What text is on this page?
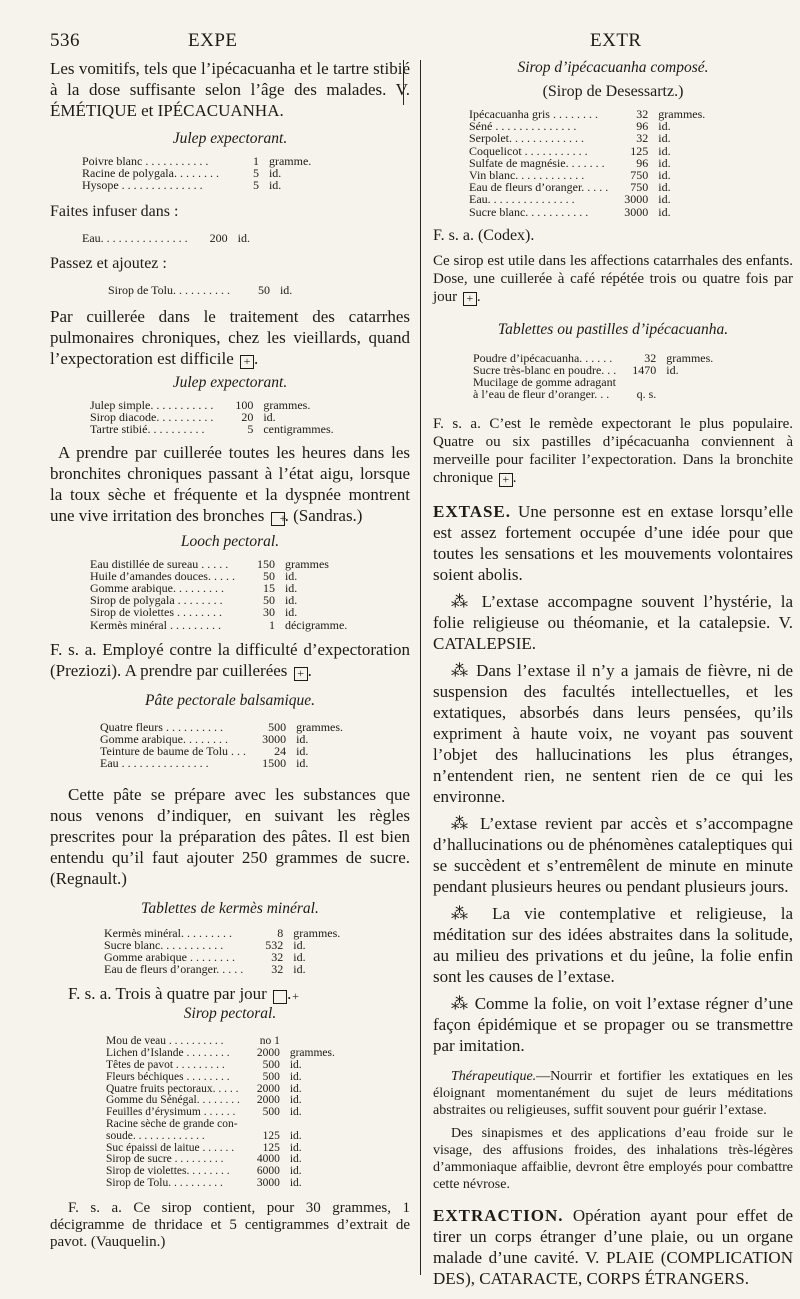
536	EXPE	EXTR

Les vomitifs, tels que l’ipécacuanha et le tartre stibié à la dose suffisante selon l’âge des malades. V. ÉMÉTIQUE et IPÉCACUANHA.

Julep expectorant.

Poivre blanc . . . . . . . . . . .	1	gramme.
Racine de polygala. . . . . . . .	5	id.
Hysope . . . . . . . . . . . . . .	5	id.

Faites infuser dans :

Eau. . . . . . . . . . . . . . .	200	id.

Passez et ajoutez :

Sirop de Tolu. . . . . . . . . .	50	id.

Par cuillerée dans le traitement des catarrhes pulmonaires chroniques, chez les vieillards, quand l’expectoration est difficile + .

Julep expectorant.

Julep simple. . . . . . . . . . .	100	grammes.
Sirop diacode. . . . . . . . . .	20	id.
Tartre stibié. . . . . . . . . .	5	centigrammes.

A prendre par cuillerée toutes les heures dans les bronchites chroniques passant à l’état aigu, lorsque la toux sèche et fréquente et la dyspnée montrent une vive irritation des bronches +. (Sandras.)

Looch pectoral.

Eau distillée de sureau . . . . .	150	grammes
Huile d’amandes douces. . . . .	50	id.
Gomme arabique. . . . . . . . .	15	id.
Sirop de polygala . . . . . . . .	50	id.
Sirop de violettes . . . . . . . .	30	id.
Kermès minéral . . . . . . . . .	1	décigramme.

F. s. a. Employé contre la difficulté d’expectoration (Preziozi). A prendre par cuillerées + .

Pâte pectorale balsamique.

Quatre fleurs . . . . . . . . . .	500	grammes.
Gomme arabique. . . . . . . .	3000	id.
Teinture de baume de Tolu . . .	24	id.
Eau . . . . . . . . . . . . . . .	1500	id.

Cette pâte se prépare avec les substances que nous venons d’indiquer, en suivant les règles prescrites pour la préparation des pâtes. Il est bien entendu qu’il faut ajouter 250 grammes de sucre. (Regnault.)

Tablettes de kermès minéral.

Kermès minéral. . . . . . . . .	8	grammes.
Sucre blanc. . . . . . . . . . .	532	id.
Gomme arabique . . . . . . . .	32	id.
Eau de fleurs d’oranger. . . . .	32	id.

F. s. a. Trois à quatre par jour +.

Sirop pectoral.

Mou de veau . . . . . . . . . .	no 1	
Lichen d’Islande . . . . . . . .	2000	grammes.
Têtes de pavot . . . . . . . . .	500	id.
Fleurs béchiques . . . . . . . .	500	id.
Quatre fruits pectoraux. . . . .	2000	id.
Gomme du Sénégal. . . . . . . .	2000	id.
Feuilles d’érysimum . . . . . .	500	id.
Racine sèche de grande con-		
soude. . . . . . . . . . . . .	125	id.
Suc épaissi de laitue . . . . . .	125	id.
Sirop de sucre . . . . . . . . .	4000	id.
Sirop de violettes. . . . . . . .	6000	id.
Sirop de Tolu. . . . . . . . . .	3000	id.

F. s. a. Ce sirop contient, pour 30 grammes, 1 décigramme de thridace et 5 centigrammes d’extrait de pavot. (Vauquelin.)

Sirop d’ipécacuanha composé.

(Sirop de Desessartz.)

Ipécacuanha gris . . . . . . . .	32	grammes.
Séné . . . . . . . . . . . . . .	96	id.
Serpolet. . . . . . . . . . . . .	32	id.
Coquelicot . . . . . . . . . . .	125	id.
Sulfate de magnésie. . . . . . .	96	id.
Vin blanc. . . . . . . . . . . .	750	id.
Eau de fleurs d’oranger. . . . .	750	id.
Eau. . . . . . . . . . . . . . .	3000	id.
Sucre blanc. . . . . . . . . . .	3000	id.

F. s. a. (Codex).

Ce sirop est utile dans les affections catarrhales des enfants. Dose, une cuillerée à café répétée trois ou quatre fois par jour + .

Tablettes ou pastilles d’ipécacuanha.

Poudre d’ipécacuanha. . . . . .	32	grammes.
Sucre très-blanc en poudre. . .	1470	id.
Mucilage de gomme adragant		
à l’eau de fleur d’oranger. . .	q. s.	

F. s. a. C’est le remède expectorant le plus populaire. Quatre ou six pastilles d’ipécacuanha conviennent à merveille pour faciliter l’expectoration. Dans la bronchite chronique + .

EXTASE. Une personne est en extase lorsqu’elle est assez fortement occupée d’une idée pour que toutes les sensations et les mouvements volontaires soient abolis.

⁂ L’extase accompagne souvent l’hystérie, la folie religieuse ou théomanie, et la catalepsie. V. CATALEPSIE.

⁂ Dans l’extase il n’y a jamais de fièvre, ni de suspension des facultés intellectuelles, et les extatiques, absorbés dans leurs pensées, qu’ils expriment à haute voix, ne voyant pas souvent l’objet des hallucinations les plus étranges, n’entendent rien, ne sentent rien de ce qui les environne.

⁂ L’extase revient par accès et s’accompagne d’hallucinations ou de phénomènes cataleptiques qui se succèdent et s’entremêlent de minute en minute pendant plusieurs heures ou pendant plusieurs jours.

⁂ La vie contemplative et religieuse, la méditation sur des idées abstraites dans la solitude, au milieu des privations et du jeûne, la folie enfin sont les causes de l’extase.

⁂ Comme la folie, on voit l’extase régner d’une façon épidémique et se propager ou se transmettre par imitation.

Thérapeutique.—Nourrir et fortifier les extatiques en les éloignant momentanément du sujet de leurs méditations abstraites ou religieuses, suffit souvent pour guérir l’extase.

Des sinapismes et des applications d’eau froide sur le visage, des affusions froides, des inhalations très-légères d’ammoniaque affaiblie, devront être employés pour combattre cette névrose.

EXTRACTION. Opération ayant pour effet de tirer un corps étranger d’une plaie, ou un organe malade d’une cavité. V. PLAIE (COMPLICATION DES), CATARACTE, CORPS ÉTRANGERS.
